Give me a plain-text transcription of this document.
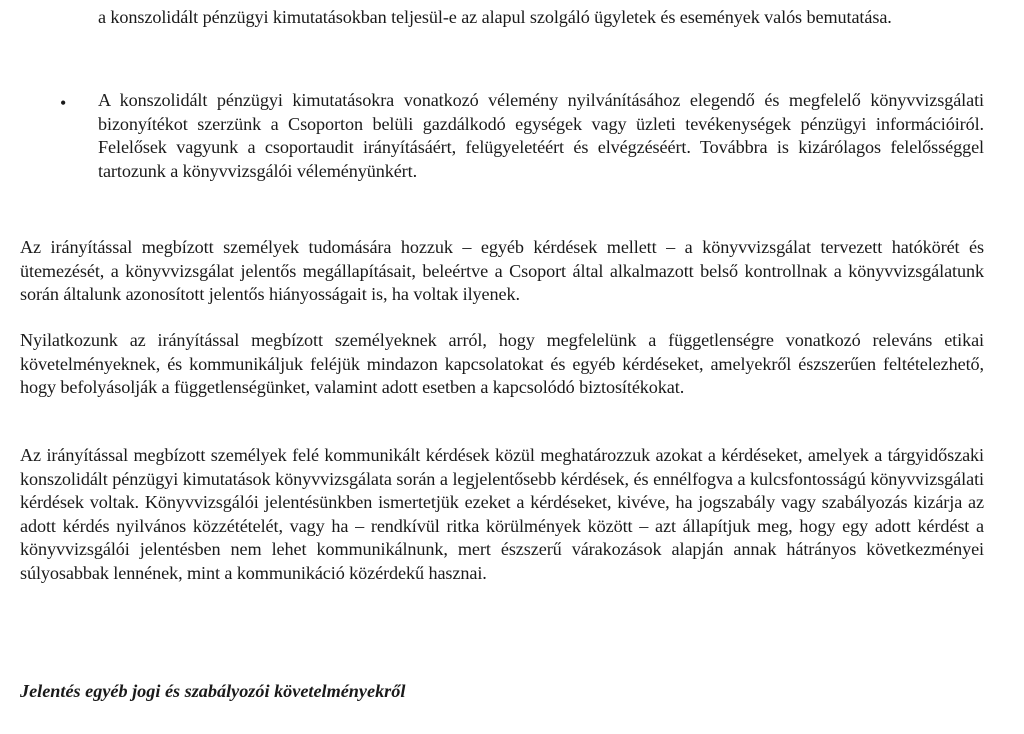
a konszolidált pénzügyi kimutatásokban teljesül-e az alapul szolgáló ügyletek és események valós bemutatása.

• A konszolidált pénzügyi kimutatásokra vonatkozó vélemény nyilvánításához elegendő és megfelelő könyvvizsgálati bizonyítékot szerzünk a Csoporton belüli gazdálkodó egységek vagy üzleti tevékenységek pénzügyi információiról. Felelősek vagyunk a csoportaudit irányításáért, felügyeletéért és elvégzéséért. Továbbra is kizárólagos felelősséggel tartozunk a könyvvizsgálói véleményünkért.

Az irányítással megbízott személyek tudomására hozzuk – egyéb kérdések mellett – a könyvvizsgálat tervezett hatókörét és ütemezését, a könyvvizsgálat jelentős megállapításait, beleértve a Csoport által alkalmazott belső kontrollnak a könyvvizsgálatunk során általunk azonosított jelentős hiányosságait is, ha voltak ilyenek.

Nyilatkozunk az irányítással megbízott személyeknek arról, hogy megfelelünk a függetlenségre vonatkozó releváns etikai követelményeknek, és kommunikáljuk feléjük mindazon kapcsolatokat és egyéb kérdéseket, amelyekről észszerűen feltételezhető, hogy befolyásolják a függetlenségünket, valamint adott esetben a kapcsolódó biztosítékokat.

Az irányítással megbízott személyek felé kommunikált kérdések közül meghatározzuk azokat a kérdéseket, amelyek a tárgyidőszaki konszolidált pénzügyi kimutatások könyvvizsgálata során a legjelentősebb kérdések, és ennélfogva a kulcsfontosságú könyvvizsgálati kérdések voltak. Könyvvizsgálói jelentésünkben ismertetjük ezeket a kérdéseket, kivéve, ha jogszabály vagy szabályozás kizárja az adott kérdés nyilvános közzétételét, vagy ha – rendkívül ritka körülmények között – azt állapítjuk meg, hogy egy adott kérdést a könyvvizsgálói jelentésben nem lehet kommunikálnunk, mert észszerű várakozások alapján annak hátrányos következményei súlyosabbak lennének, mint a kommunikáció közérdekű hasznai.

Jelentés egyéb jogi és szabályozói követelményekről
